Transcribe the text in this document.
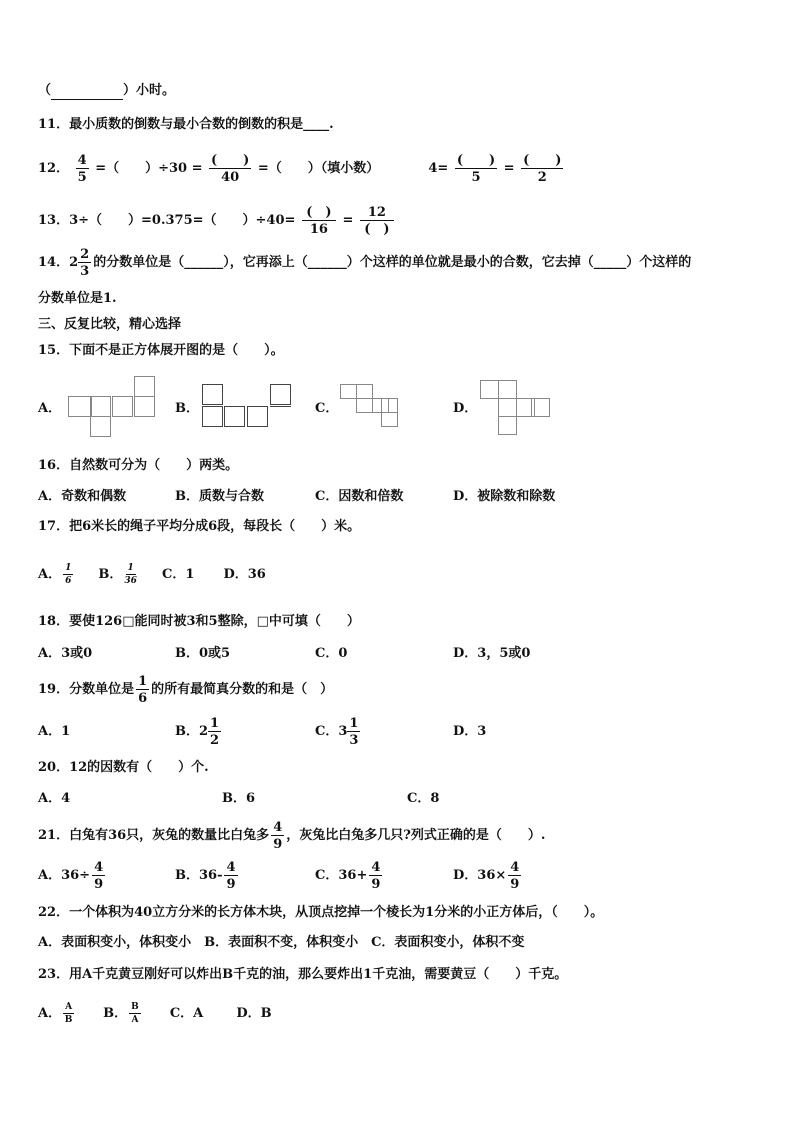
（	）小时。
11．最小质数的倒数与最小合数的倒数的积是____.
12． $\frac{4}{5}$ =（　　）$\div 30 = \frac{( )}{40}$ =（　　）（填小数）	$4= \frac{( )}{5} = \frac{( )}{2}$
13．3÷（　　）=0.375=（　　）$\div 40= \frac{( )}{16} = \frac{12}{( )}$
14．$2 \frac{2}{3}$ 的分数单位是（______），它再添上（______）个这样的单位就是最小的合数，它去掉（_____）个这样的
分数单位是1.
三、反复比较，精心选择
15．下面不是正方体展开图的是（　　）。
A．	B．	C．	D．
16．自然数可分为（　　）两类。
A．奇数和偶数	B．质数与合数	C．因数和倍数	D．被除数和除数
17．把6米长的绳子平均分成6段，每段长（　　）米。
A． $\frac{1}{6}$ B． $\frac{1}{36}$ C．1 D．36
18．要使126□能同时被3和5整除，□中可填（　　）
A．3或0	B．0或5	C．0	D．3，5或0
19．分数单位是 $\frac{1}{6}$ 的所有最简真分数的和是（　）
A．1	B．$2 \frac{1}{2}$	C．$3 \frac{1}{3}$	D．3
20．12的因数有（　　）个.
A．4	B．6	C．8
21．白兔有36只，灰兔的数量比白兔多 $\frac{4}{9}$ ，灰兔比白兔多几只?列式正确的是（　　）.
A．$36\div \frac{4}{9}$	B．$36- \frac{4}{9}$	C．$36+ \frac{4}{9}$	D．$36\times \frac{4}{9}$
22．一个体积为40立方分米的长方体木块，从顶点挖掉一个棱长为1分米的小正方体后，（　　）。
A．表面积变小，体积变小　B．表面积不变，体积变小　C．表面积变小，体积不变
23．用A千克黄豆刚好可以炸出B千克的油，那么要炸出1千克油，需要黄豆（　　）千克。
A． $\frac{A}{B}$ B． $\frac{B}{A}$ C．A	D．B
